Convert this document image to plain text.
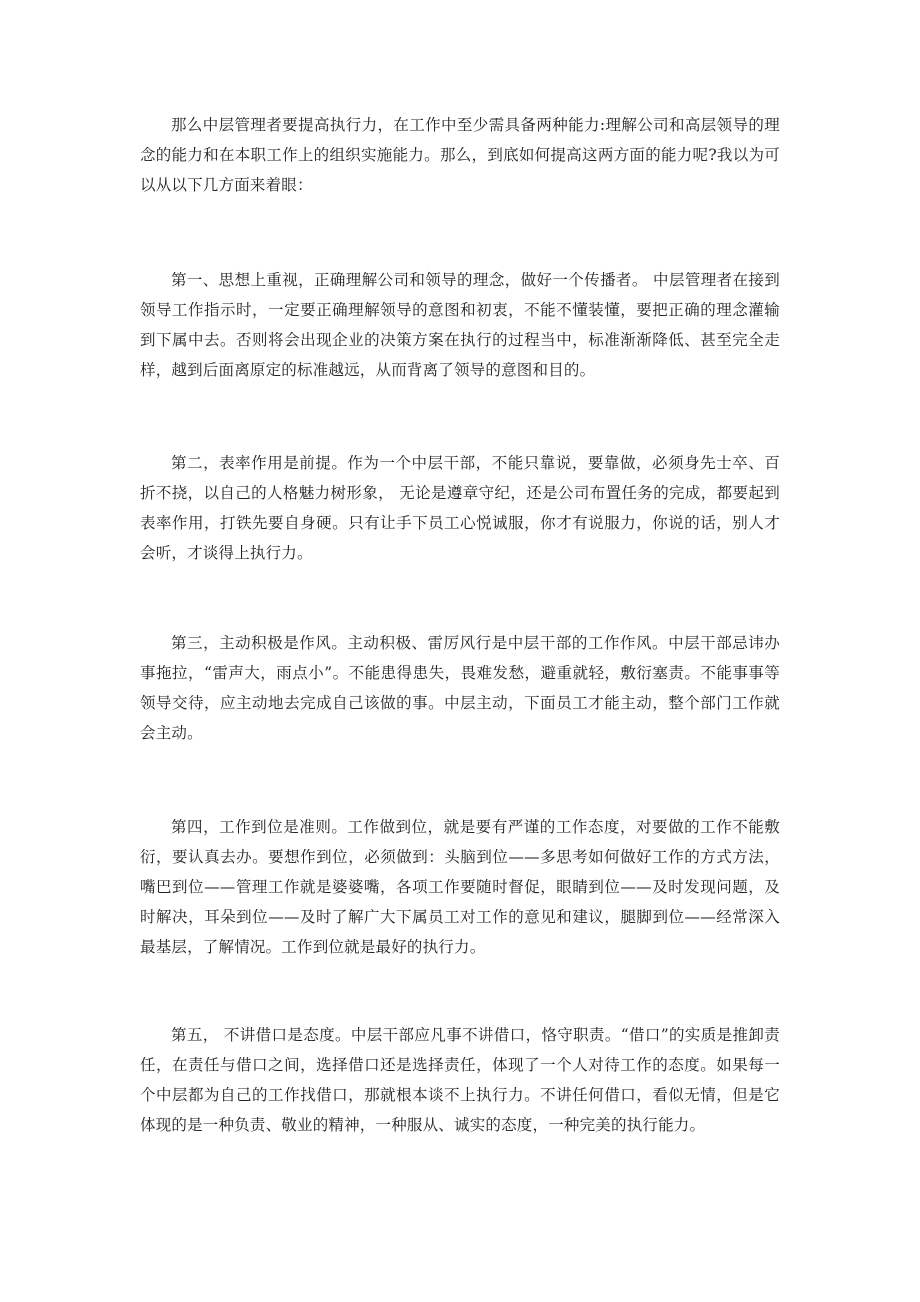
那么中层管理者要提高执行力，在工作中至少需具备两种能力:理解公司和高层领导的理念的能力和在本职工作上的组织实施能力。那么，到底如何提高这两方面的能力呢?我以为可以从以下几方面来着眼：

第一、思想上重视，正确理解公司和领导的理念，做好一个传播者。 中层管理者在接到领导工作指示时，一定要正确理解领导的意图和初衷，不能不懂装懂，要把正确的理念灌输到下属中去。否则将会出现企业的决策方案在执行的过程当中，标准渐渐降低、甚至完全走样，越到后面离原定的标准越远，从而背离了领导的意图和目的。

第二，表率作用是前提。作为一个中层干部，不能只靠说，要靠做，必须身先士卒、百折不挠，以自己的人格魅力树形象， 无论是遵章守纪，还是公司布置任务的完成，都要起到表率作用，打铁先要自身硬。只有让手下员工心悦诚服，你才有说服力，你说的话，别人才会听，才谈得上执行力。

第三，主动积极是作风。主动积极、雷厉风行是中层干部的工作作风。中层干部忌讳办事拖拉，“雷声大，雨点小”。不能患得患失，畏难发愁，避重就轻，敷衍塞责。不能事事等领导交待，应主动地去完成自己该做的事。中层主动，下面员工才能主动，整个部门工作就会主动。

第四，工作到位是准则。工作做到位，就是要有严谨的工作态度，对要做的工作不能敷衍，要认真去办。要想作到位，必须做到：头脑到位——多思考如何做好工作的方式方法，嘴巴到位——管理工作就是婆婆嘴，各项工作要随时督促，眼睛到位——及时发现问题，及时解决，耳朵到位——及时了解广大下属员工对工作的意见和建议，腿脚到位——经常深入最基层，了解情况。工作到位就是最好的执行力。

第五， 不讲借口是态度。中层干部应凡事不讲借口，恪守职责。“借口”的实质是推卸责任，在责任与借口之间，选择借口还是选择责任，体现了一个人对待工作的态度。如果每一个中层都为自己的工作找借口，那就根本谈不上执行力。不讲任何借口，看似无情，但是它体现的是一种负责、敬业的精神，一种服从、诚实的态度，一种完美的执行能力。
